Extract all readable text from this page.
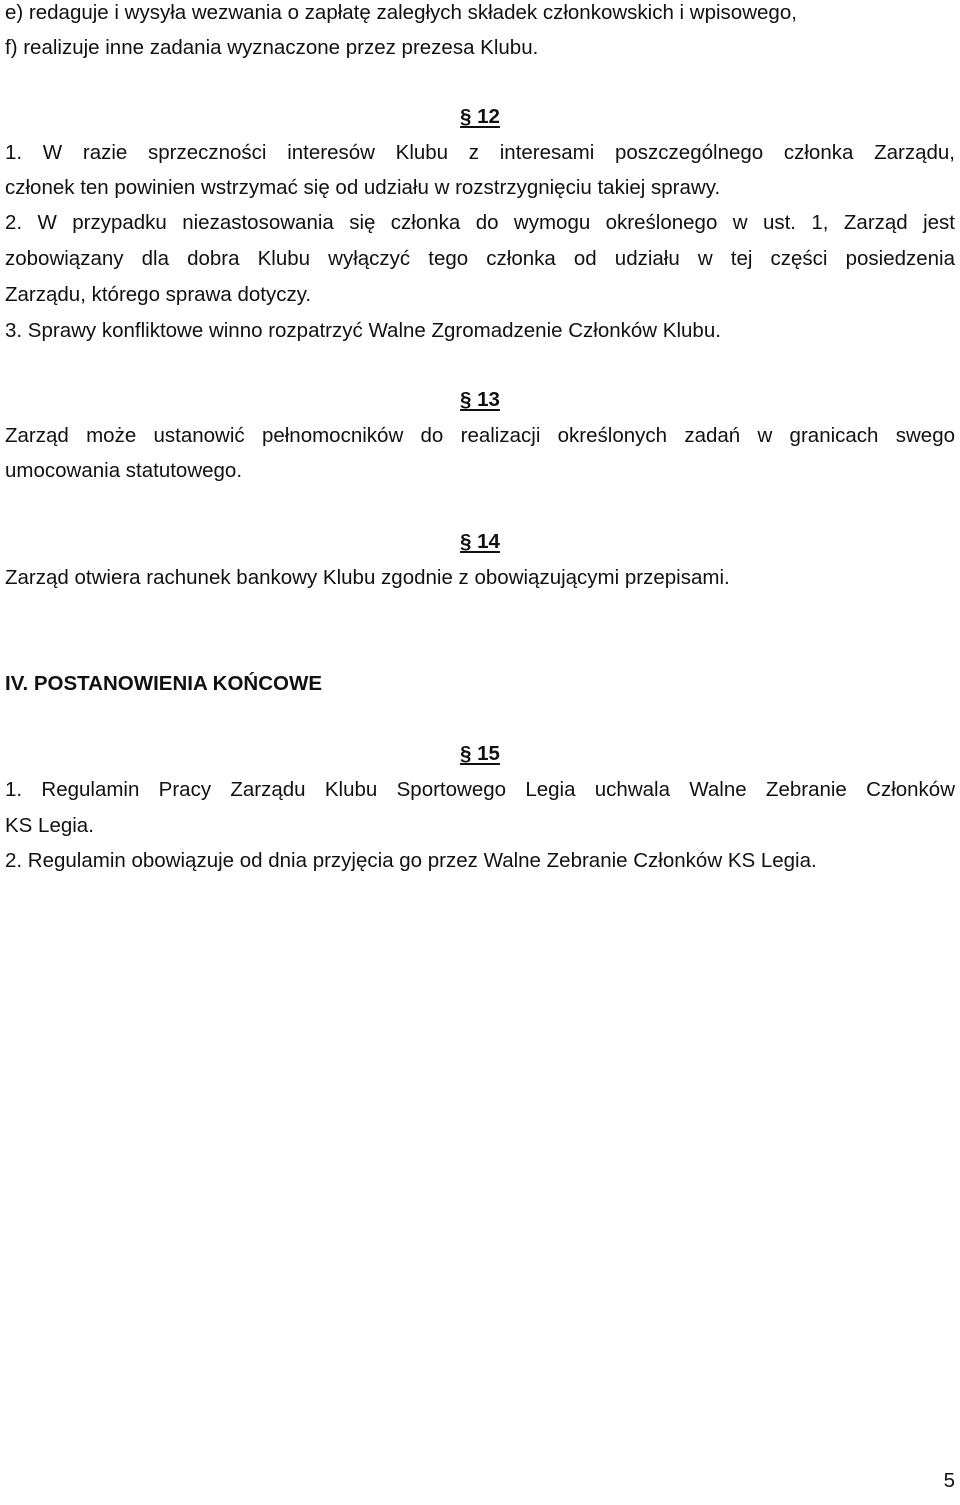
e) redaguje i wysyła wezwania o zapłatę zaległych składek członkowskich i wpisowego,
f) realizuje inne zadania wyznaczone przez prezesa Klubu.
§ 12
1. W razie sprzeczności interesów Klubu z interesami poszczególnego członka Zarządu,
członek ten powinien wstrzymać się od udziału w rozstrzygnięciu takiej sprawy.
2. W przypadku niezastosowania się członka do wymogu określonego w ust. 1, Zarząd jest
zobowiązany dla dobra Klubu wyłączyć tego członka od udziału w tej części posiedzenia
Zarządu, którego sprawa dotyczy.
3. Sprawy konfliktowe winno rozpatrzyć Walne Zgromadzenie Członków Klubu.
§ 13
Zarząd może ustanowić pełnomocników do realizacji określonych zadań w granicach swego
umocowania statutowego.
§ 14
Zarząd otwiera rachunek bankowy Klubu zgodnie z obowiązującymi przepisami.
IV. POSTANOWIENIA KOŃCOWE
§ 15
1. Regulamin Pracy Zarządu Klubu Sportowego Legia uchwala Walne Zebranie Członków
KS Legia.
2. Regulamin obowiązuje od dnia przyjęcia go przez Walne Zebranie Członków KS Legia.
5
